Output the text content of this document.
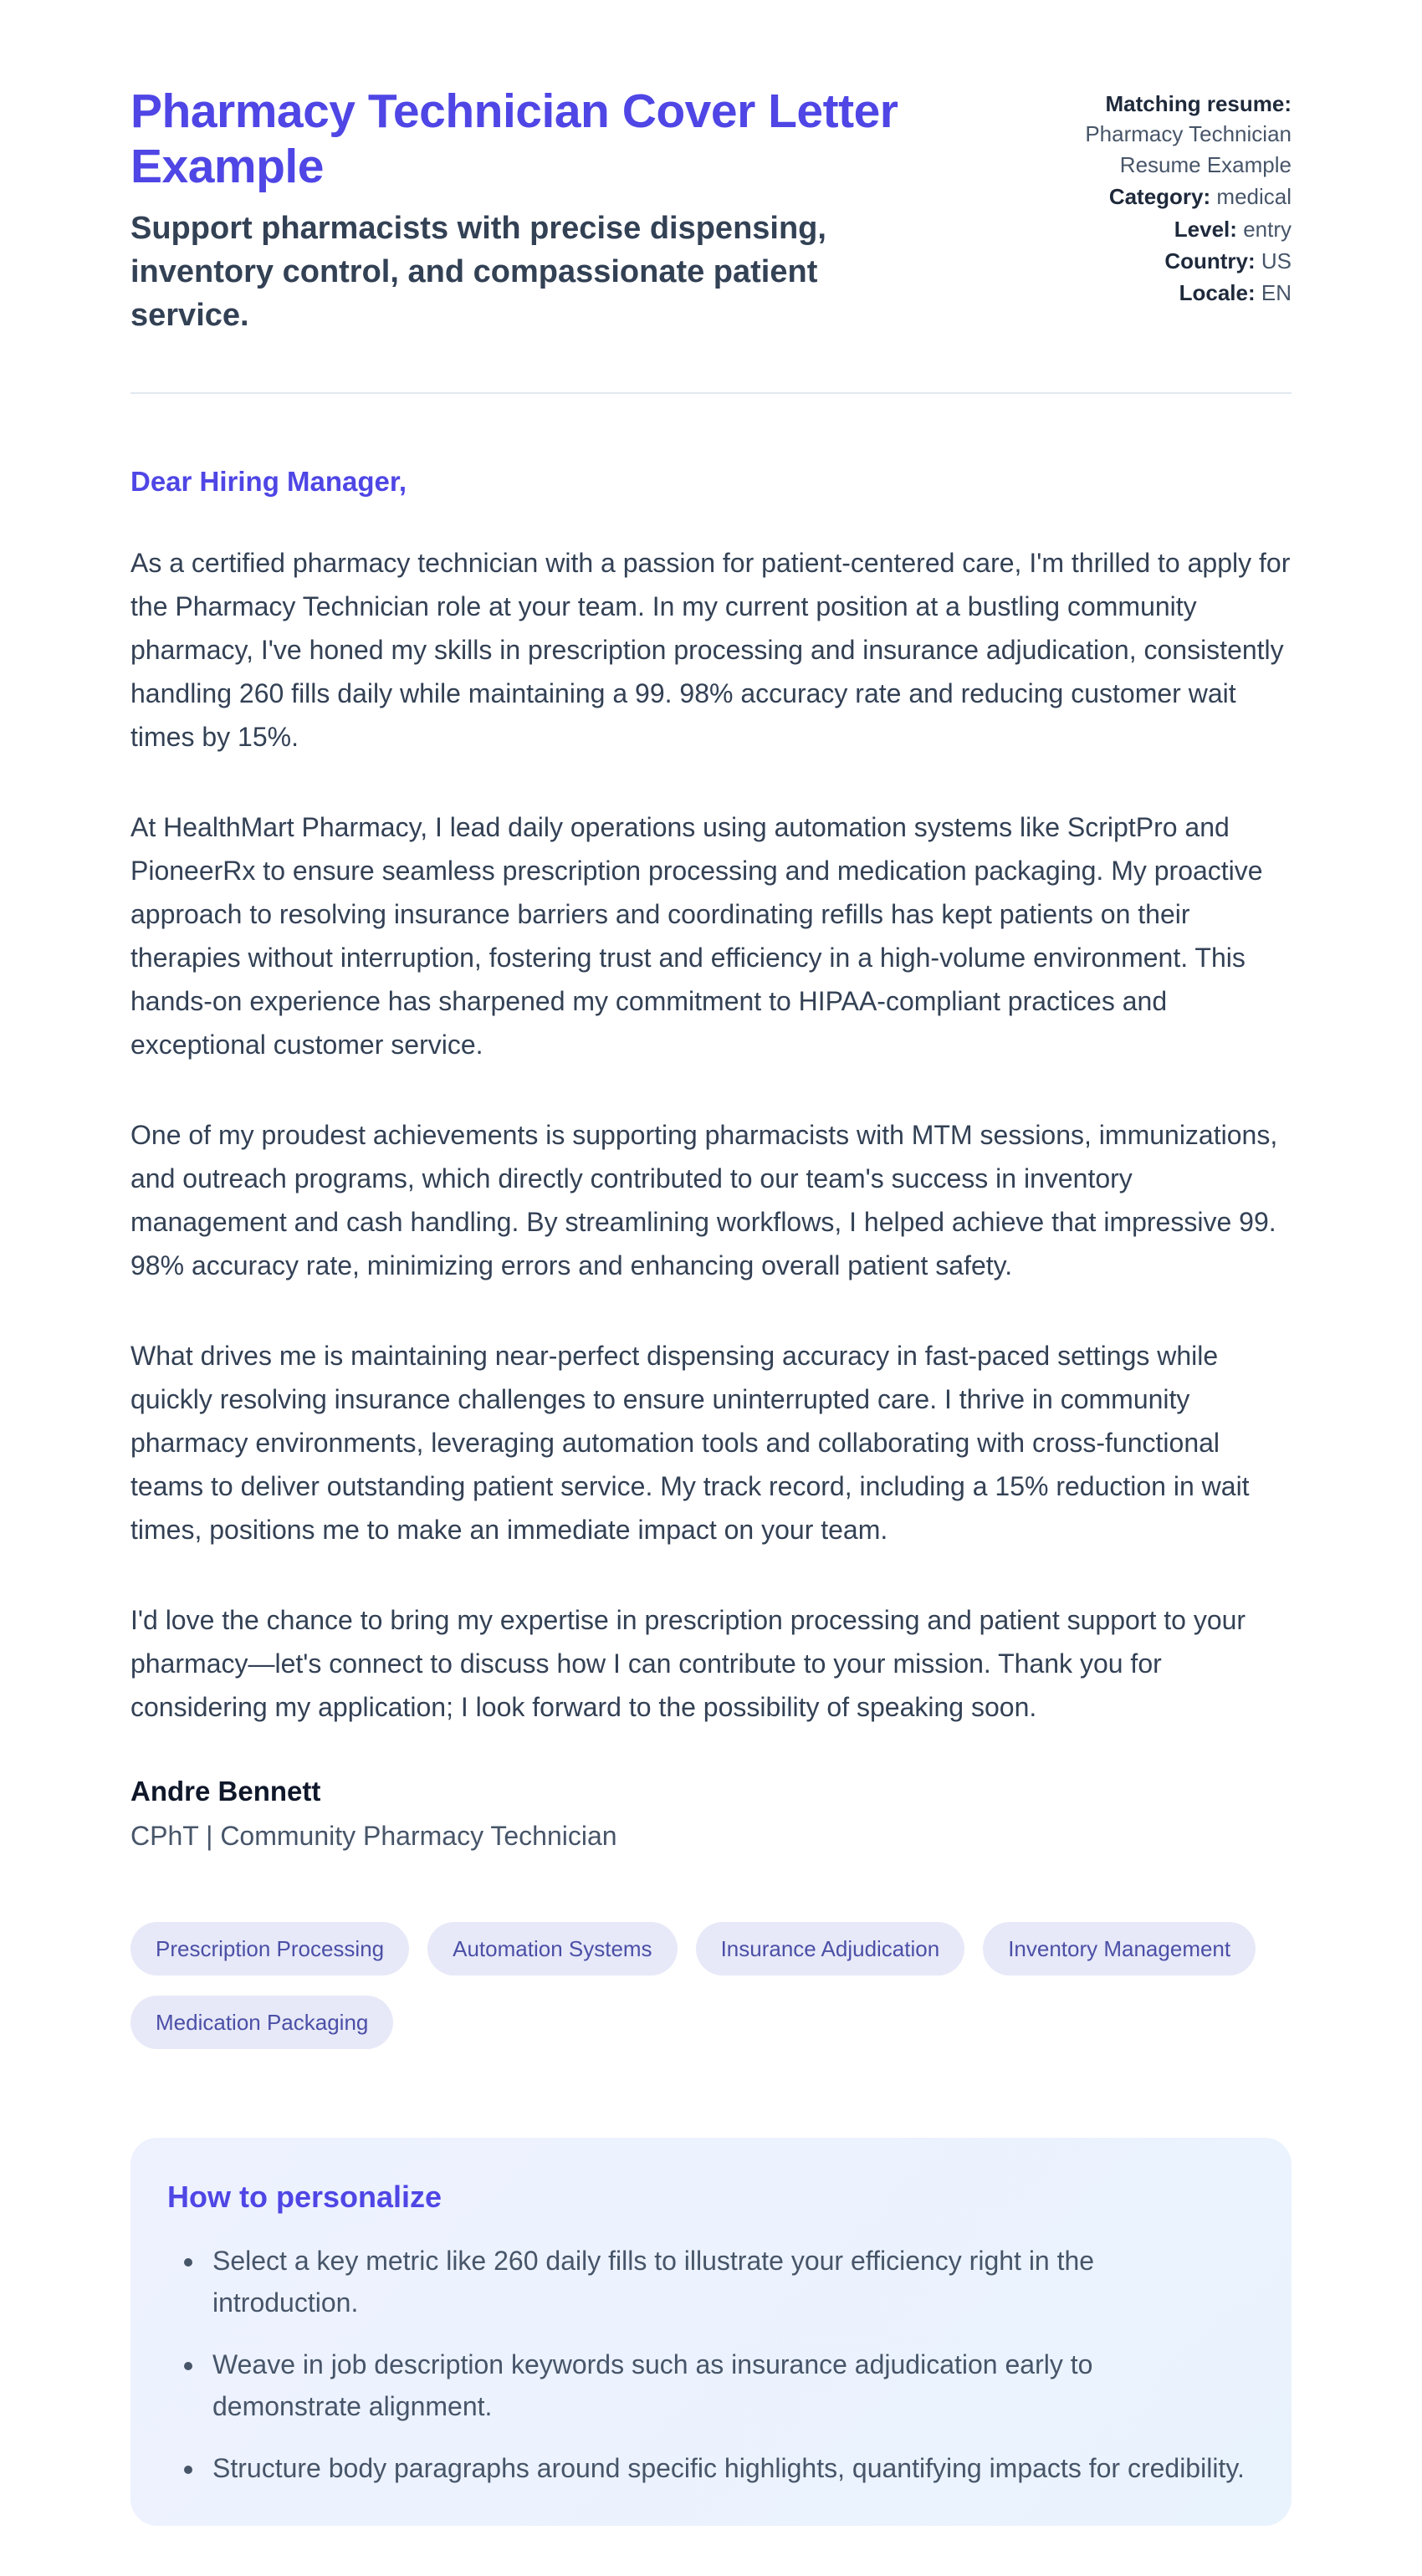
Pharmacy Technician Cover Letter Example
Support pharmacists with precise dispensing, inventory control, and compassionate patient service.
Matching resume: Pharmacy Technician Resume Example
Category: medical
Level: entry
Country: US
Locale: EN
Dear Hiring Manager,

As a certified pharmacy technician with a passion for patient-centered care, I'm thrilled to apply for the Pharmacy Technician role at your team. In my current position at a bustling community pharmacy, I've honed my skills in prescription processing and insurance adjudication, consistently handling 260 fills daily while maintaining a 99. 98% accuracy rate and reducing customer wait times by 15%.

At HealthMart Pharmacy, I lead daily operations using automation systems like ScriptPro and PioneerRx to ensure seamless prescription processing and medication packaging. My proactive approach to resolving insurance barriers and coordinating refills has kept patients on their therapies without interruption, fostering trust and efficiency in a high-volume environment. This hands-on experience has sharpened my commitment to HIPAA-compliant practices and exceptional customer service.

One of my proudest achievements is supporting pharmacists with MTM sessions, immunizations, and outreach programs, which directly contributed to our team's success in inventory management and cash handling. By streamlining workflows, I helped achieve that impressive 99. 98% accuracy rate, minimizing errors and enhancing overall patient safety.

What drives me is maintaining near-perfect dispensing accuracy in fast-paced settings while quickly resolving insurance challenges to ensure uninterrupted care. I thrive in community pharmacy environments, leveraging automation tools and collaborating with cross-functional teams to deliver outstanding patient service. My track record, including a 15% reduction in wait times, positions me to make an immediate impact on your team.

I'd love the chance to bring my expertise in prescription processing and patient support to your pharmacy—let's connect to discuss how I can contribute to your mission. Thank you for considering my application; I look forward to the possibility of speaking soon.

Andre Bennett
CPhT | Community Pharmacy Technician
Prescription Processing	Automation Systems	Insurance Adjudication	Inventory Management
Medication Packaging
How to personalize
• Select a key metric like 260 daily fills to illustrate your efficiency right in the introduction.
• Weave in job description keywords such as insurance adjudication early to demonstrate alignment.
• Structure body paragraphs around specific highlights, quantifying impacts for credibility.
